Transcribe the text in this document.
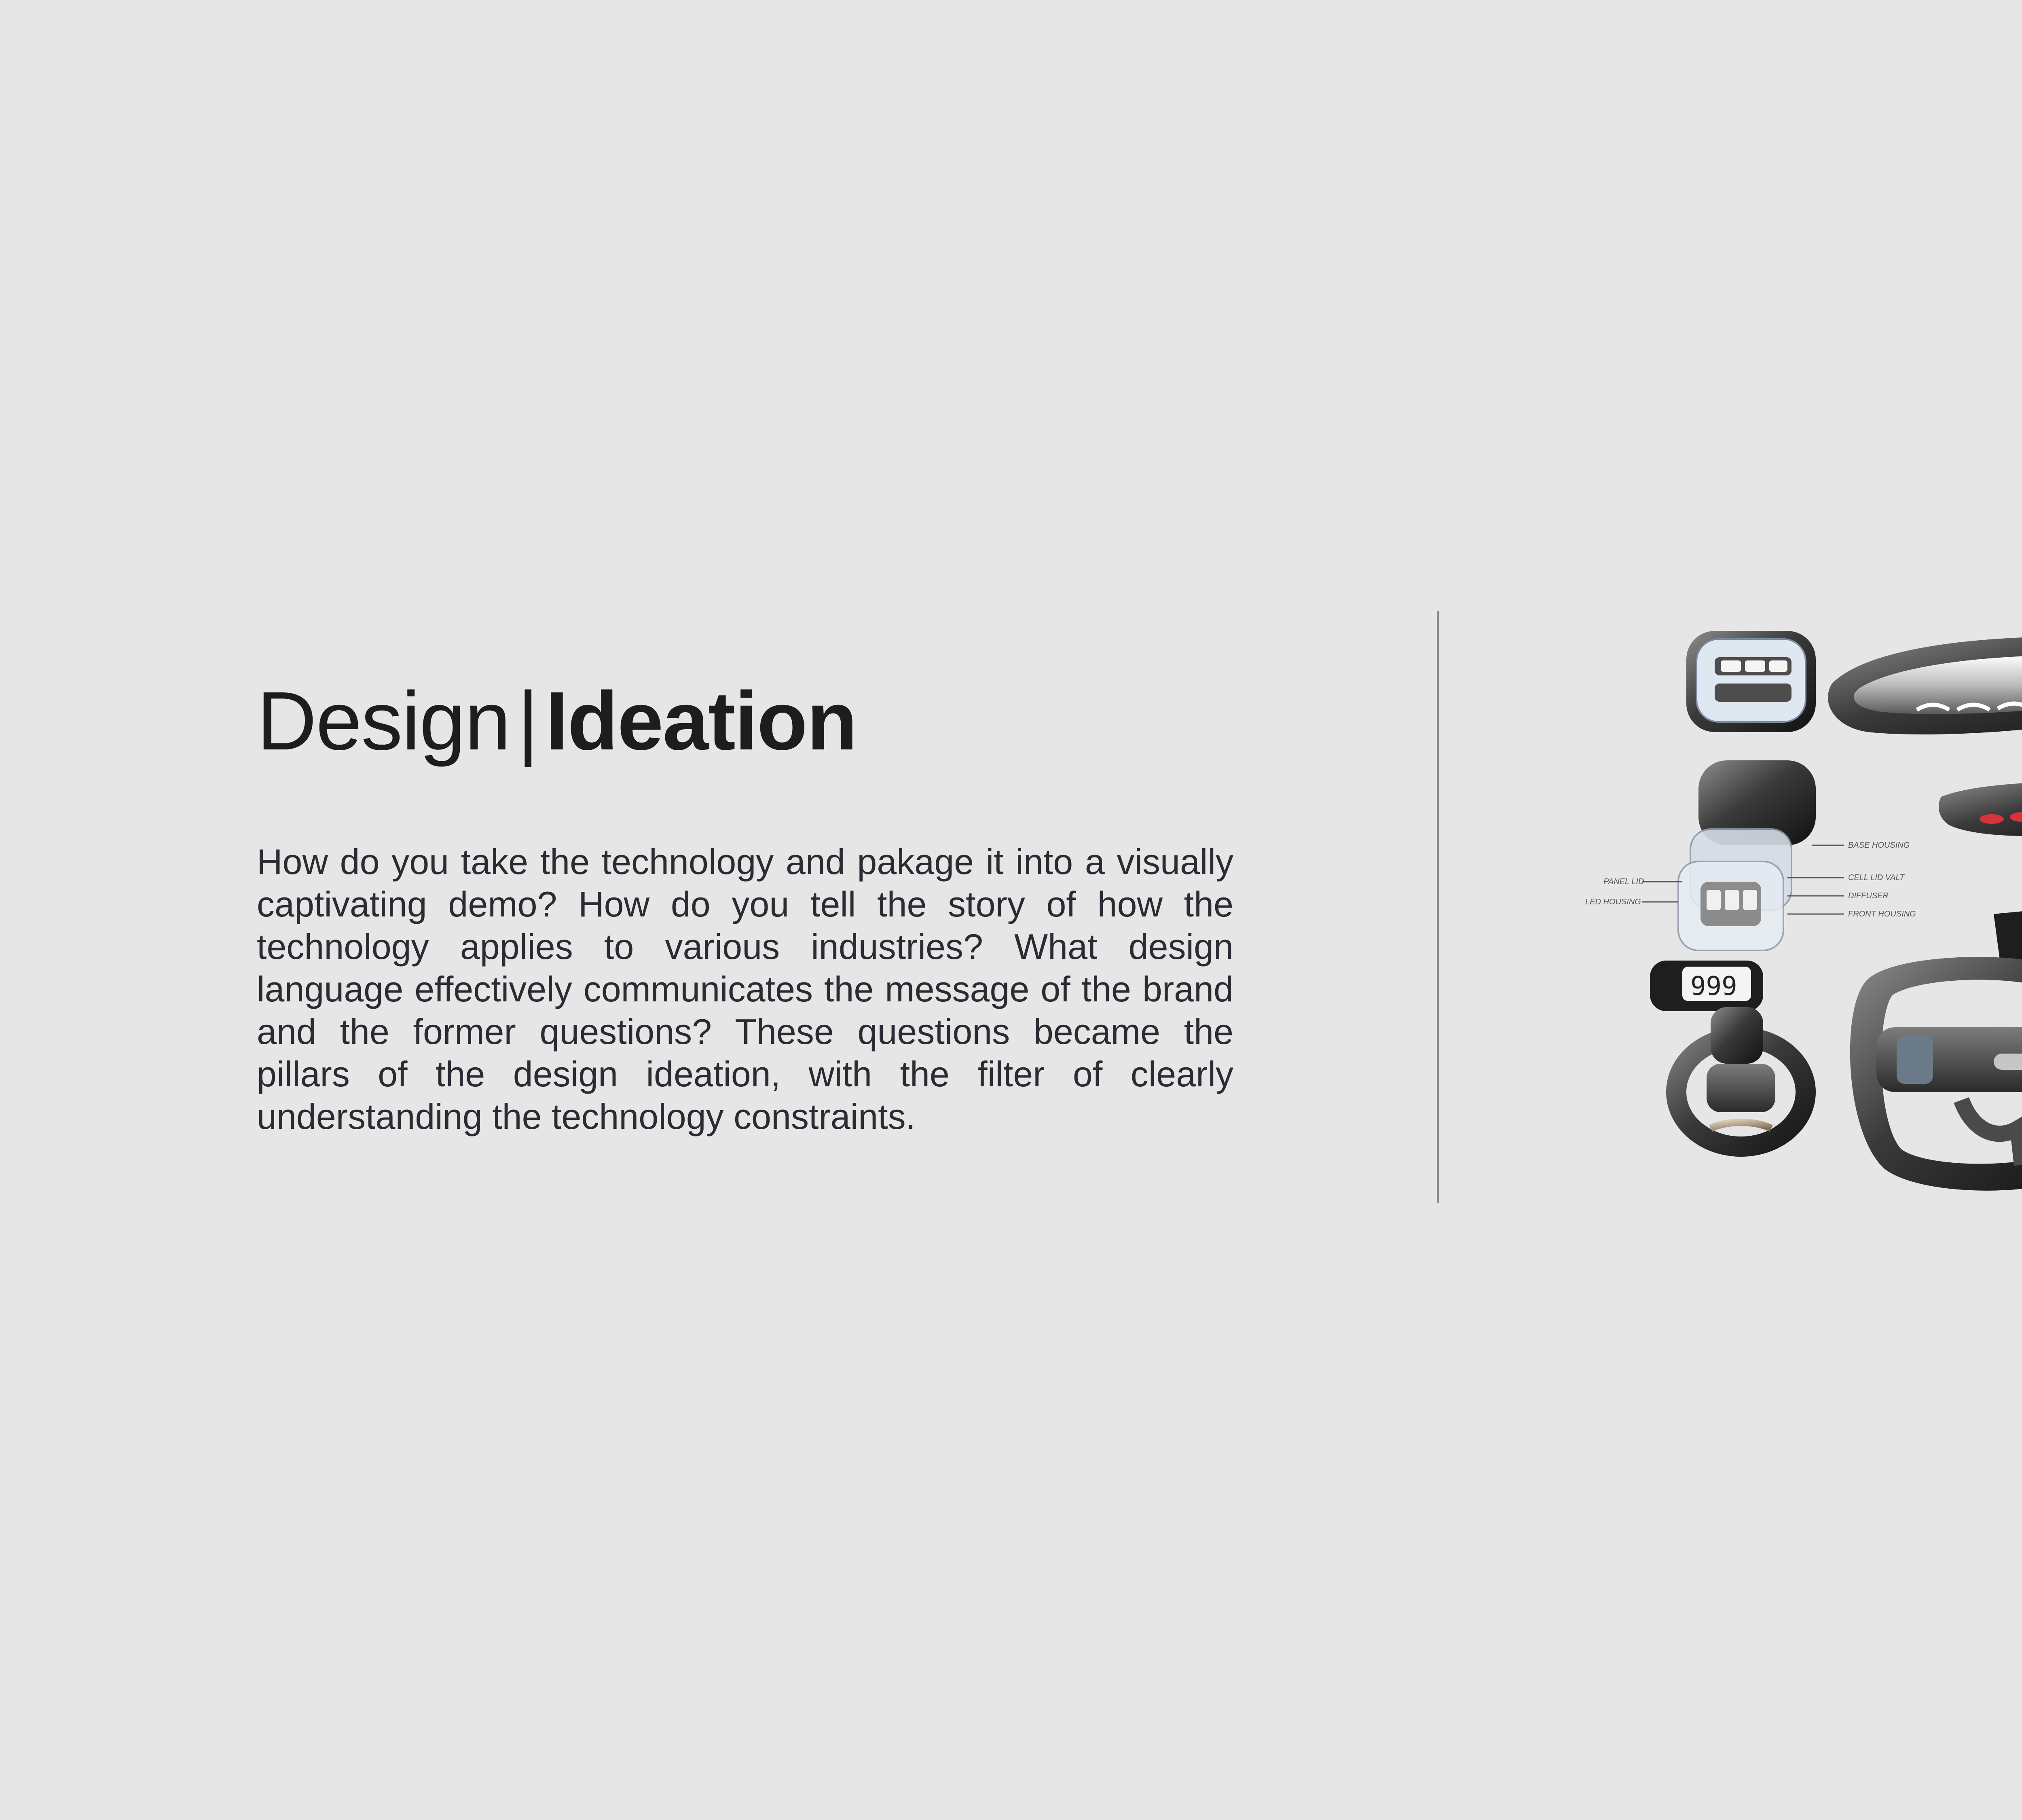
Design|Ideation

How do you take the technology and pakage it into a visually captivating demo? How do you tell the story of how the technology applies to various industries? What design language effectively communicates the message of the brand and the former questions? These questions became the pillars of the design ideation, with the filter of clearly understanding the technology constraints.

BASE HOUSING
CELL LID VALT
DIFFUSER
FRONT HOUSING
PANEL LID
LED HOUSING
999
